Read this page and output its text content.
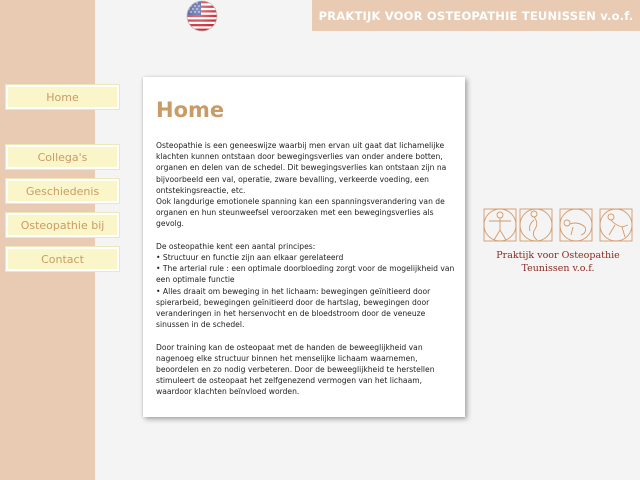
PRAKTIJK VOOR OSTEOPATHIE TEUNISSEN v.o.f.
Home
Collega's
Geschiedenis
Osteopathie bij
Contact
Home

Osteopathie is een geneeswijze waarbij men ervan uit gaat dat lichamelijke

klachten kunnen ontstaan door bewegingsverlies van onder andere botten,

organen en delen van de schedel. Dit bewegingsverlies kan ontstaan zijn na

bijvoorbeeld een val, operatie, zware bevalling, verkeerde voeding, een

ontstekingsreactie, etc.

Ook langdurige emotionele spanning kan een spanningsverandering van de

organen en hun steunweefsel veroorzaken met een bewegingsverlies als

gevolg.

De osteopathie kent een aantal principes:

• Structuur en functie zijn aan elkaar gerelateerd

• The arterial rule : een optimale doorbloeding zorgt voor de mogelijkheid van

een optimale functie

• Alles draait om beweging in het lichaam: bewegingen geïnitieerd door

spierarbeid, bewegingen geïnitieerd door de hartslag, bewegingen door

veranderingen in het hersenvocht en de bloedstroom door de veneuze

sinussen in de schedel.

Door training kan de osteopaat met de handen de beweeglijkheid van

nagenoeg elke structuur binnen het menselijke lichaam waarnemen,

beoordelen en zo nodig verbeteren. Door de beweeglijkheid te herstellen

stimuleert de osteopaat het zelfgenezend vermogen van het lichaam,

waardoor klachten beïnvloed worden.

Praktijk voor Osteopathie
Teunissen v.o.f.
